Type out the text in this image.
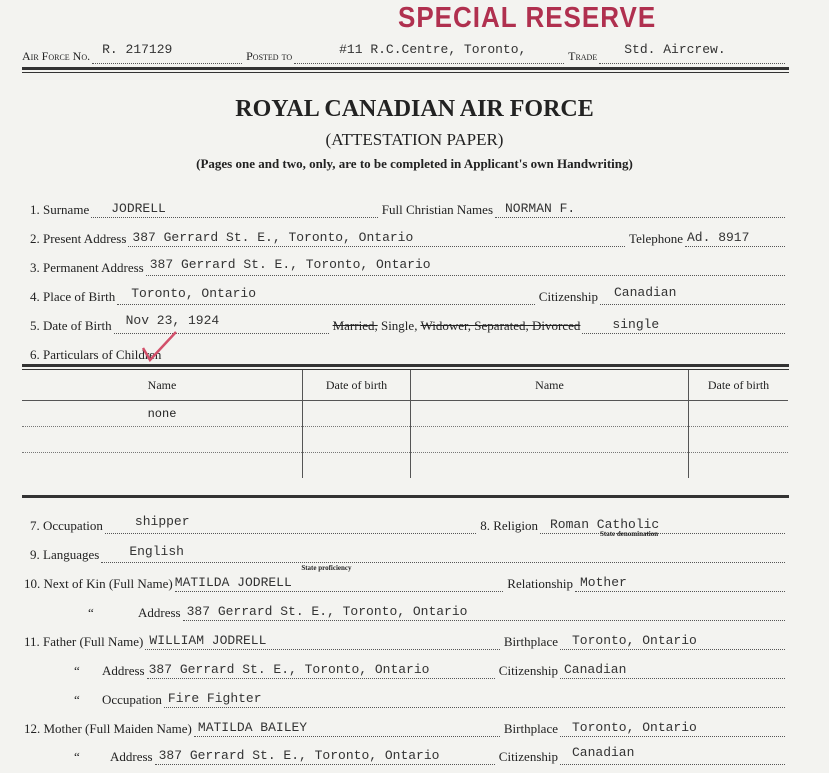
SPECIAL RESERVE
Air Force No. R. 217129	Posted to	#11 R.C.Centre, Toronto,	Trade Std. Aircrew.
ROYAL CANADIAN AIR FORCE
(ATTESTATION PAPER)
(Pages one and two, only, are to be completed in Applicant's own Handwriting)
1. Surname JODRELL	Full Christian Names NORMAN F.
2. Present Address 387 Gerrard St. E., Toronto, Ontario	Telephone Ad. 8917
3. Permanent Address 387 Gerrard St. E., Toronto, Ontario
4. Place of Birth Toronto, Ontario	Citizenship Canadian
5. Date of Birth Nov 23, 1924	Married, Single, Widower, Separated, Divorced single
6. Particulars of Children
Name	Date of birth	Name	Date of birth
none			

7. Occupation shipper	8. Religion Roman Catholic
State denomination
9. Languages English
State proficiency
10. Next of Kin (Full Name) MATILDA JODRELL	Relationship Mother
“	Address 387 Gerrard St. E., Toronto, Ontario
11. Father (Full Name) WILLIAM JODRELL	Birthplace Toronto, Ontario
“	Address 387 Gerrard St. E., Toronto, Ontario	Citizenship Canadian
“	Occupation Fire Fighter
12. Mother (Full Maiden Name) MATILDA BAILEY	Birthplace Toronto, Ontario
“	Address 387 Gerrard St. E., Toronto, Ontario	Citizenship Canadian
